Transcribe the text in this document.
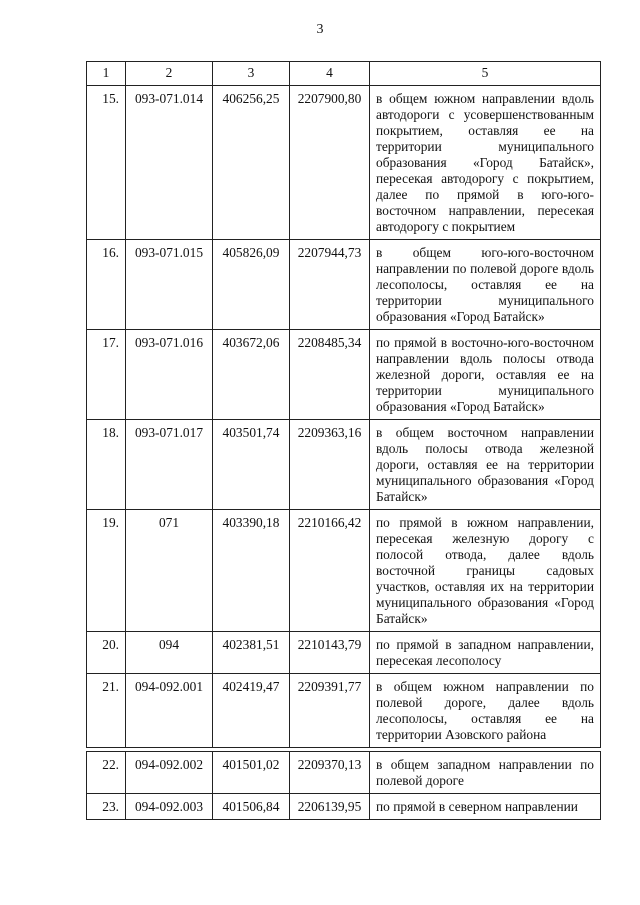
3
1	2	3	4	5
15.	093-071.014	406256,25	2207900,80	в общем южном направлении вдоль автодороги с усовершенствованным покрытием, оставляя ее на территории муниципального образования «Город Батайск», пересекая автодорогу с покрытием, далее по прямой в юго-юго-восточном направлении, пересекая автодорогу с покрытием
16.	093-071.015	405826,09	2207944,73	в общем юго-юго-восточном направлении по полевой дороге вдоль лесополосы, оставляя ее на территории муниципального образования «Город Батайск»
17.	093-071.016	403672,06	2208485,34	по прямой в восточно-юго-восточном направлении вдоль полосы отвода железной дороги, оставляя ее на территории муниципального образования «Город Батайск»
18.	093-071.017	403501,74	2209363,16	в общем восточном направлении вдоль полосы отвода железной дороги, оставляя ее на территории муниципального образования «Город Батайск»
19.	071	403390,18	2210166,42	по прямой в южном направлении, пересекая железную дорогу с полосой отвода, далее вдоль восточной границы садовых участков, оставляя их на территории муниципального образования «Город Батайск»
20.	094	402381,51	2210143,79	по прямой в западном направлении, пересекая лесополосу
21.	094-092.001	402419,47	2209391,77	в общем южном направлении по полевой дороге, далее вдоль лесополосы, оставляя ее на территории Азовского района

22.	094-092.002	401501,02	2209370,13	в общем западном направлении по полевой дороге
23.	094-092.003	401506,84	2206139,95	по прямой в северном направлении
